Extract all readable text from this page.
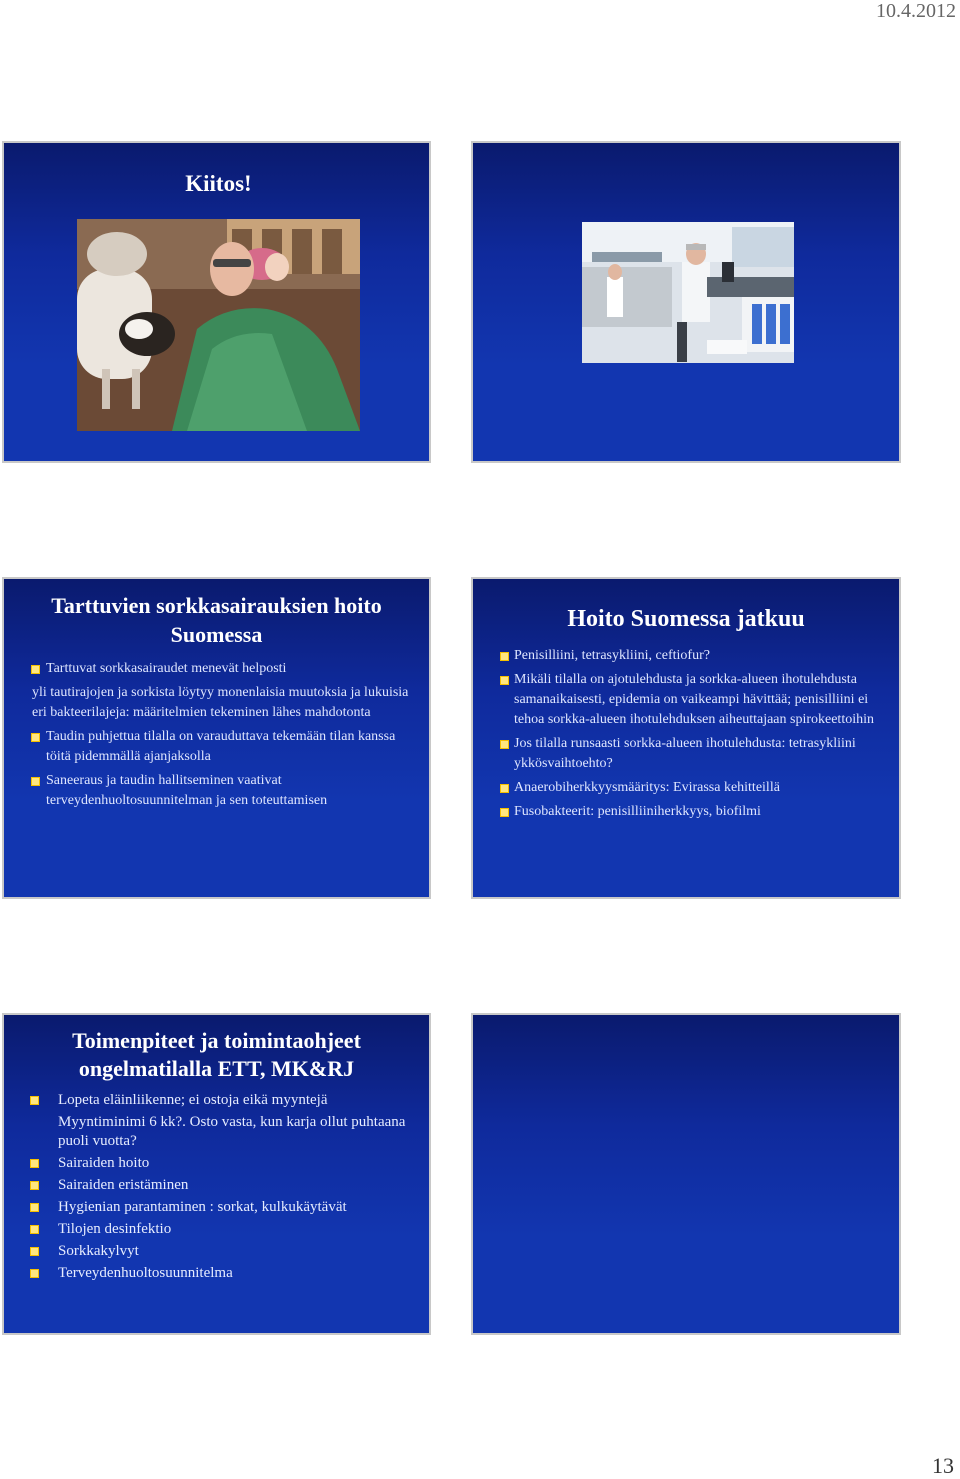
10.4.2012
Kiitos!
Tarttuvien sorkkasairauksien hoito Suomessa
Tarttuvat sorkkasairaudet menevät helposti
yli tautirajojen ja sorkista löytyy monenlaisia muutoksia ja lukuisia eri bakteerilajeja: määritelmien tekeminen lähes mahdotonta
Taudin puhjettua tilalla on varauduttava tekemään tilan kanssa töitä pidemmällä ajanjaksolla
Saneeraus ja taudin hallitseminen vaativat terveydenhuoltosuunnitelman ja sen toteuttamisen
Hoito Suomessa jatkuu
Penisilliini, tetrasykliini, ceftiofur?
Mikäli tilalla on ajotulehdusta ja sorkka-alueen ihotulehdusta samanaikaisesti, epidemia on vaikeampi hävittää; penisilliini ei tehoa sorkka-alueen ihotulehduksen aiheuttajaan spirokeettoihin
Jos tilalla runsaasti sorkka-alueen ihotulehdusta: tetrasykliini ykkösvaihtoehto?
Anaerobiherkkyysmääritys: Evirassa kehitteillä
Fusobakteerit: penisilliiniherkkyys, biofilmi
Toimenpiteet ja toimintaohjeet ongelmatilalla ETT, MK&RJ
Lopeta eläinliikenne; ei ostoja eikä myyntejä
Myyntiminimi 6 kk?. Osto vasta, kun karja ollut puhtaana puoli vuotta?
Sairaiden hoito
Sairaiden eristäminen
Hygienian parantaminen : sorkat, kulkukäytävät
Tilojen desinfektio
Sorkkakylvyt
Terveydenhuoltosuunnitelma
13
